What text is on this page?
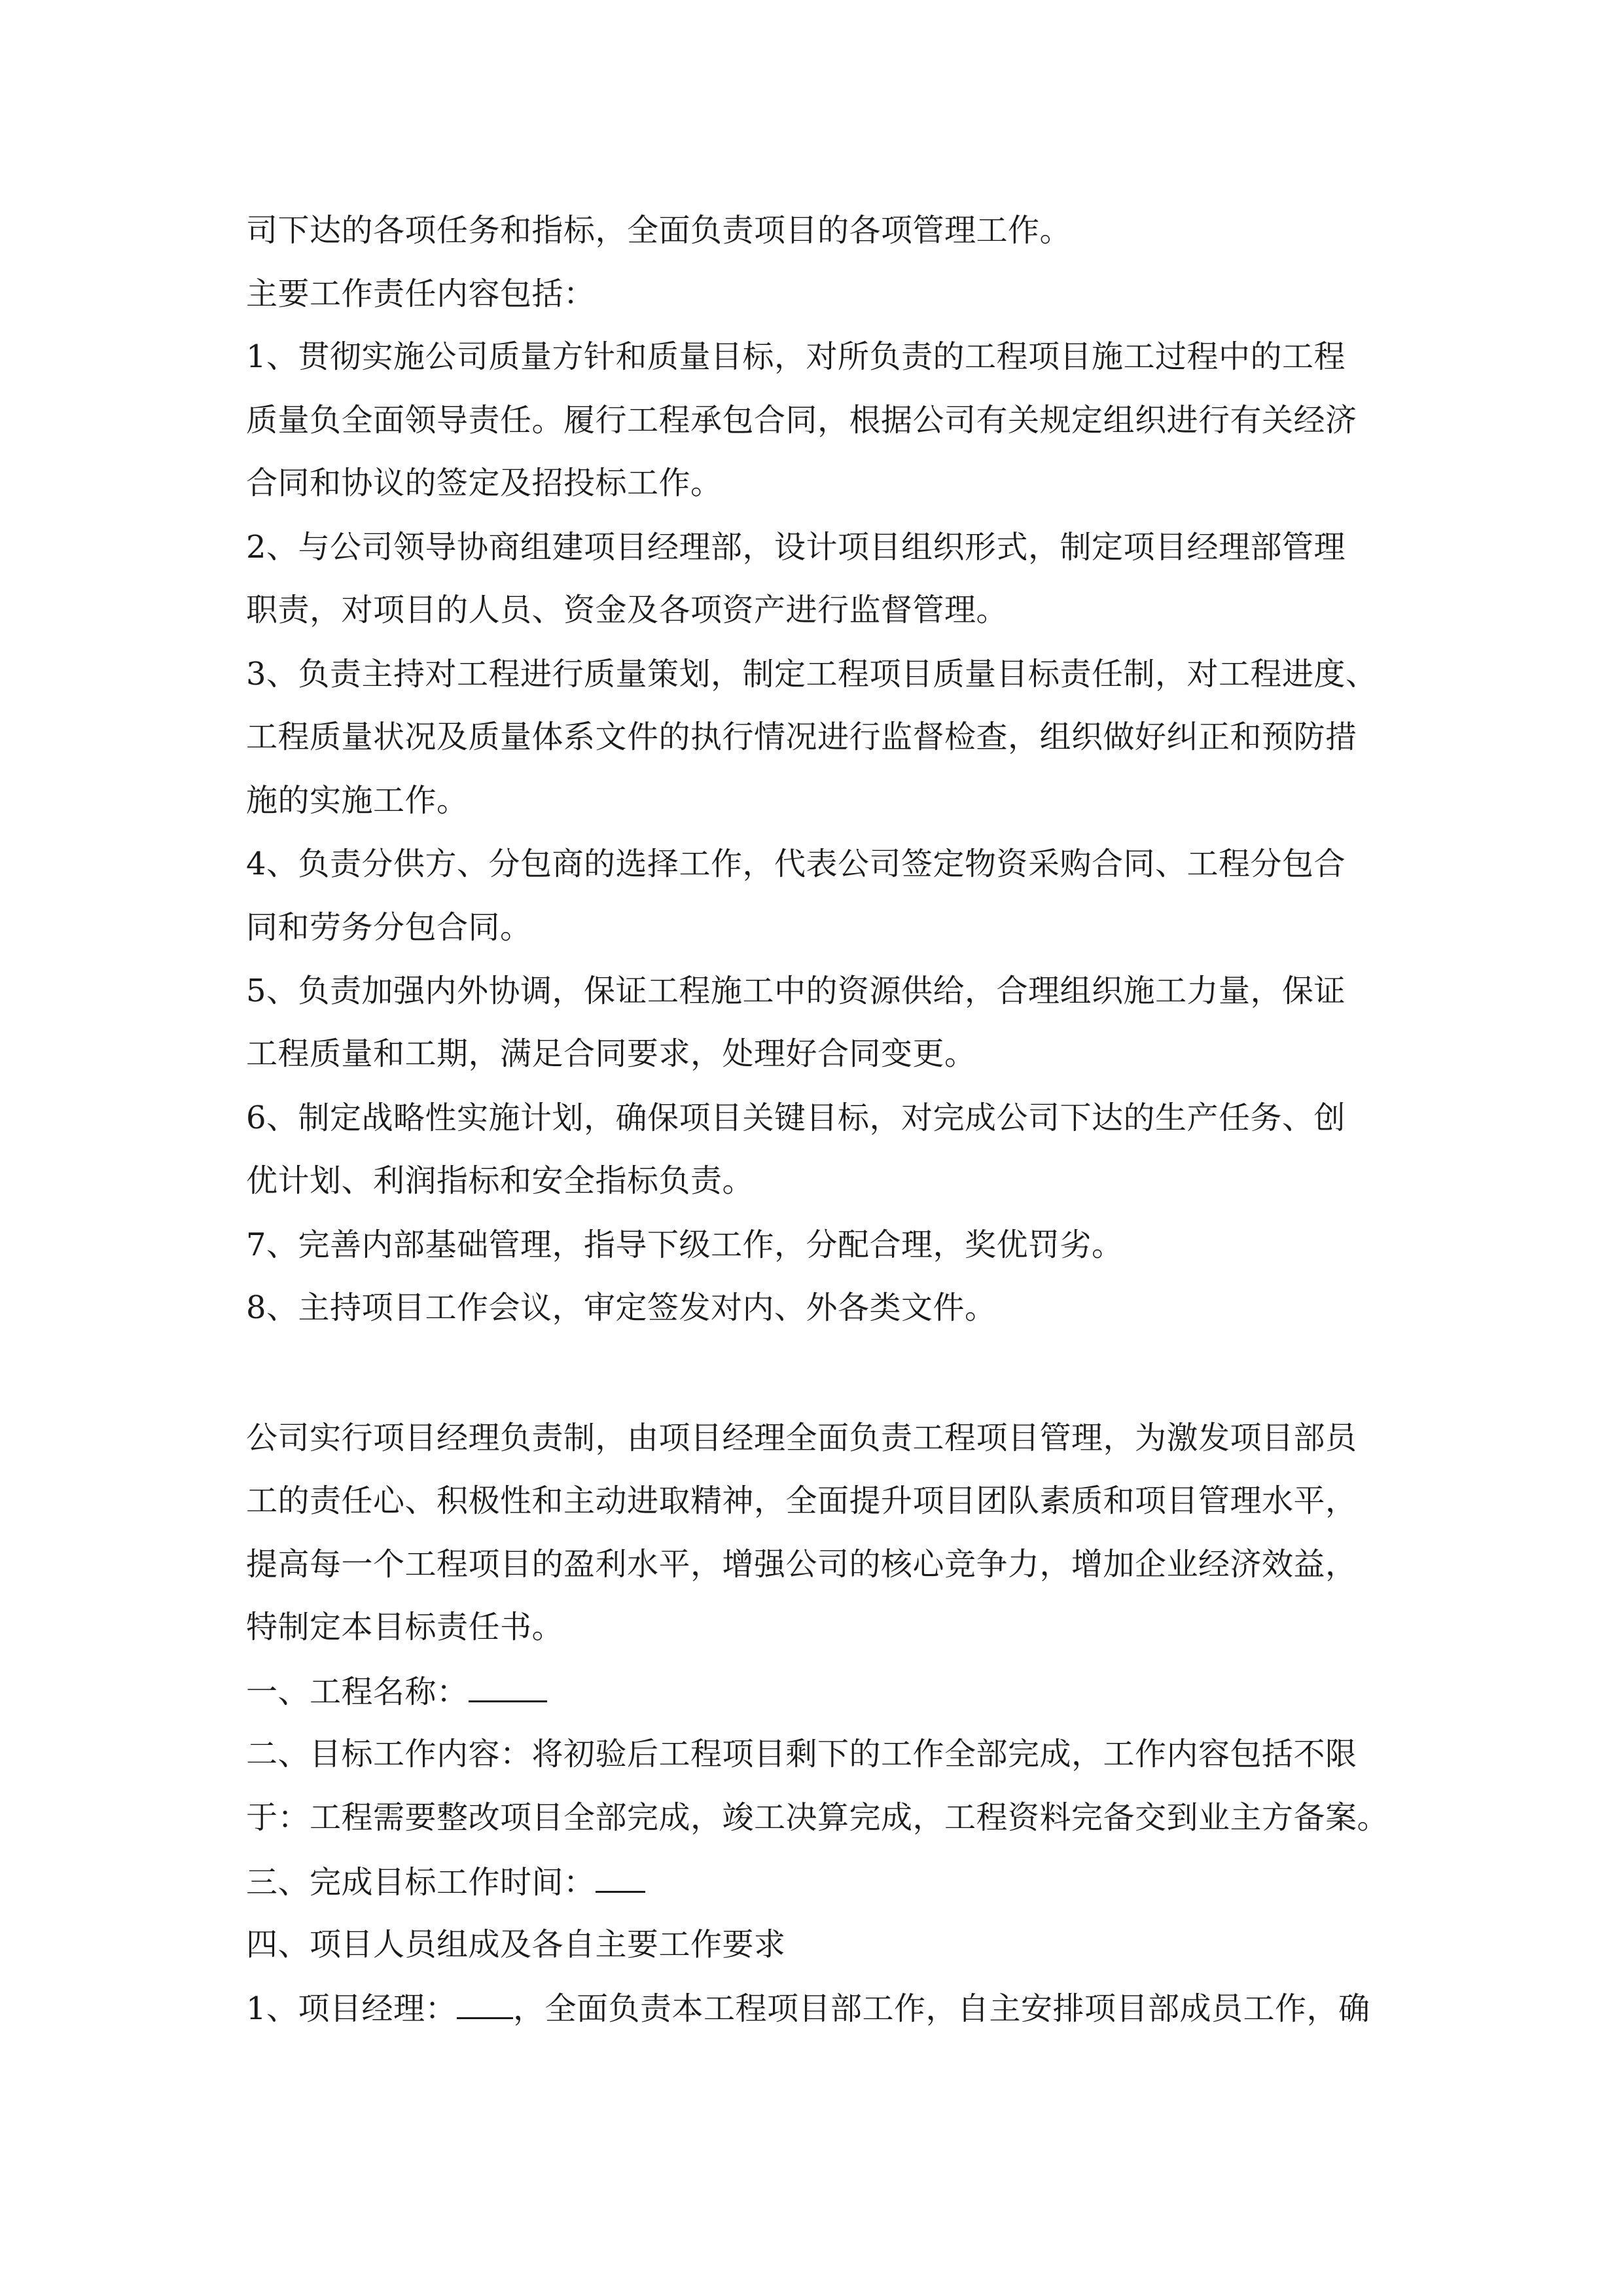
司下达的各项任务和指标，全面负责项目的各项管理工作。
主要工作责任内容包括：
1、贯彻实施公司质量方针和质量目标，对所负责的工程项目施工过程中的工程
质量负全面领导责任。履行工程承包合同，根据公司有关规定组织进行有关经济
合同和协议的签定及招投标工作。
2、与公司领导协商组建项目经理部，设计项目组织形式，制定项目经理部管理
职责，对项目的人员、资金及各项资产进行监督管理。
3、负责主持对工程进行质量策划，制定工程项目质量目标责任制，对工程进度、
工程质量状况及质量体系文件的执行情况进行监督检查，组织做好纠正和预防措
施的实施工作。
4、负责分供方、分包商的选择工作，代表公司签定物资采购合同、工程分包合
同和劳务分包合同。
5、负责加强内外协调，保证工程施工中的资源供给，合理组织施工力量，保证
工程质量和工期，满足合同要求，处理好合同变更。
6、制定战略性实施计划，确保项目关键目标，对完成公司下达的生产任务、创
优计划、利润指标和安全指标负责。
7、完善内部基础管理，指导下级工作，分配合理，奖优罚劣。
8、主持项目工作会议，审定签发对内、外各类文件。
公司实行项目经理负责制，由项目经理全面负责工程项目管理，为激发项目部员
工的责任心、积极性和主动进取精神，全面提升项目团队素质和项目管理水平，
提高每一个工程项目的盈利水平，增强公司的核心竞争力，增加企业经济效益，
特制定本目标责任书。
一、工程名称：
二、目标工作内容：将初验后工程项目剩下的工作全部完成，工作内容包括不限
于：工程需要整改项目全部完成，竣工决算完成，工程资料完备交到业主方备案。
三、完成目标工作时间：
四、项目人员组成及各自主要工作要求
1、项目经理： ，全面负责本工程项目部工作，自主安排项目部成员工作，确
